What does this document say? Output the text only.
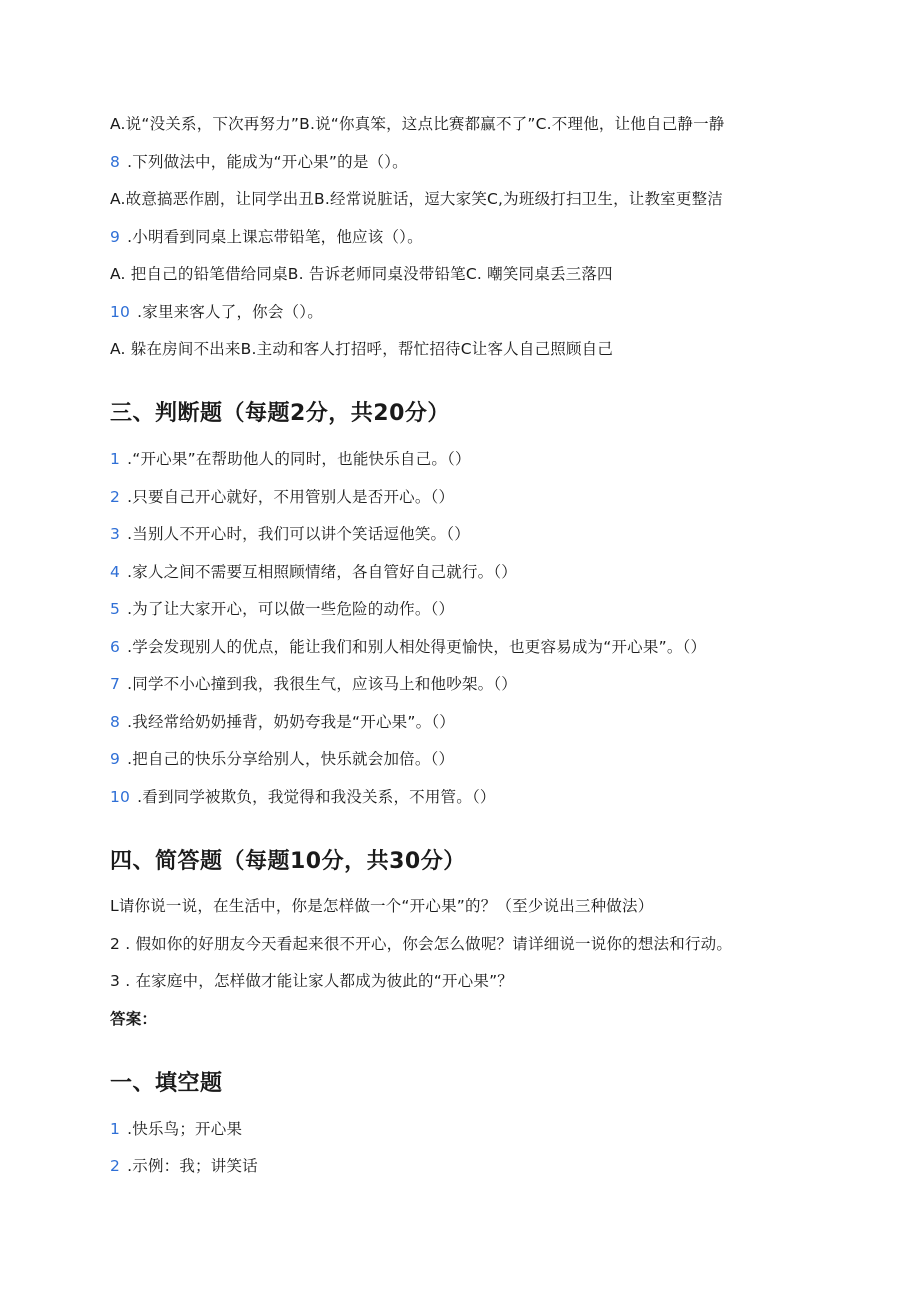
A.说“没关系，下次再努力”B.说“你真笨，这点比赛都赢不了”C.不理他，让他自己静一静
8 .下列做法中，能成为“开心果”的是（）。
A.故意搞恶作剧，让同学出丑B.经常说脏话，逗大家笑C,为班级打扫卫生，让教室更整洁
9 .小明看到同桌上课忘带铅笔，他应该（）。
A. 把自己的铅笔借给同桌B. 告诉老师同桌没带铅笔C. 嘲笑同桌丢三落四
10 .家里来客人了，你会（）。
A. 躲在房间不出来B.主动和客人打招呼，帮忙招待C让客人自己照顾自己
三、判断题（每题2分，共20分）
1 .“开心果”在帮助他人的同时，也能快乐自己。（）
2 .只要自己开心就好，不用管别人是否开心。（）
3 .当别人不开心时，我们可以讲个笑话逗他笑。（）
4 .家人之间不需要互相照顾情绪，各自管好自己就行。（）
5 .为了让大家开心，可以做一些危险的动作。（）
6 .学会发现别人的优点，能让我们和别人相处得更愉快，也更容易成为“开心果”。（）
7 .同学不小心撞到我，我很生气，应该马上和他吵架。（）
8 .我经常给奶奶捶背，奶奶夸我是“开心果”。（）
9 .把自己的快乐分享给别人，快乐就会加倍。（）
10 .看到同学被欺负，我觉得和我没关系，不用管。（）
四、简答题（每题10分，共30分）
L请你说一说，在生活中，你是怎样做一个“开心果”的？（至少说出三种做法）
2 . 假如你的好朋友今天看起来很不开心，你会怎么做呢？请详细说一说你的想法和行动。
3 . 在家庭中，怎样做才能让家人都成为彼此的“开心果”？
答案：
一、填空题
1 .快乐鸟；开心果
2 .示例：我；讲笑话
